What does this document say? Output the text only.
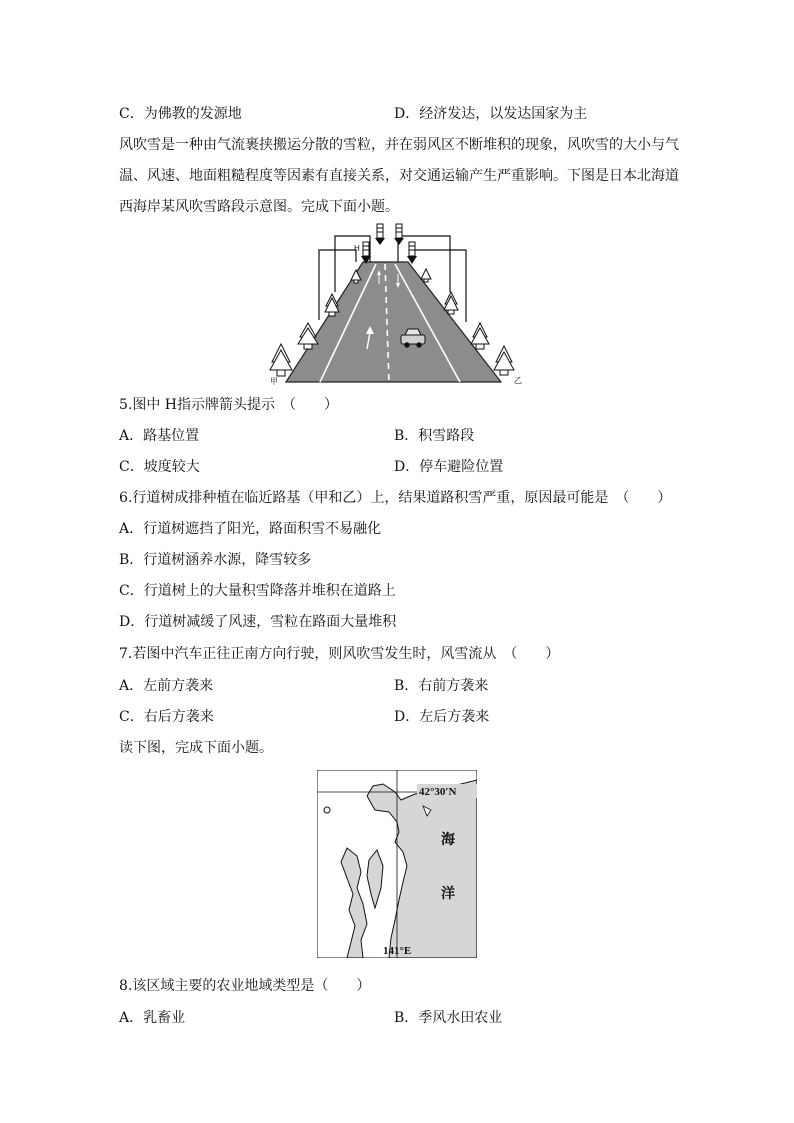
C．为佛教的发源地	D．经济发达，以发达国家为主
风吹雪是一种由气流裹挟搬运分散的雪粒，并在弱风区不断堆积的现象，风吹雪的大小与气
温、风速、地面粗糙程度等因素有直接关系，对交通运输产生严重影响。下图是日本北海道
西海岸某风吹雪路段示意图。完成下面小题。
H
甲	乙
5.图中 H指示牌箭头提示　（　　）
A．路基位置	B．积雪路段
C．坡度较大	D．停车避险位置
6.行道树成排种植在临近路基（甲和乙）上，结果道路积雪严重，原因最可能是　（　　）
A．行道树遮挡了阳光，路面积雪不易融化
B．行道树涵养水源，降雪较多
C．行道树上的大量积雪降落并堆积在道路上
D．行道树减缓了风速，雪粒在路面大量堆积
7.若图中汽车正往正南方向行驶，则风吹雪发生时，风雪流从　（　　）
A．左前方袭来	B．右前方袭来
C．右后方袭来	D．左后方袭来
读下图，完成下面小题。
42°30′N
141°E
海
洋
8.该区域主要的农业地域类型是（　　）
A．乳畜业	B．季风水田农业
